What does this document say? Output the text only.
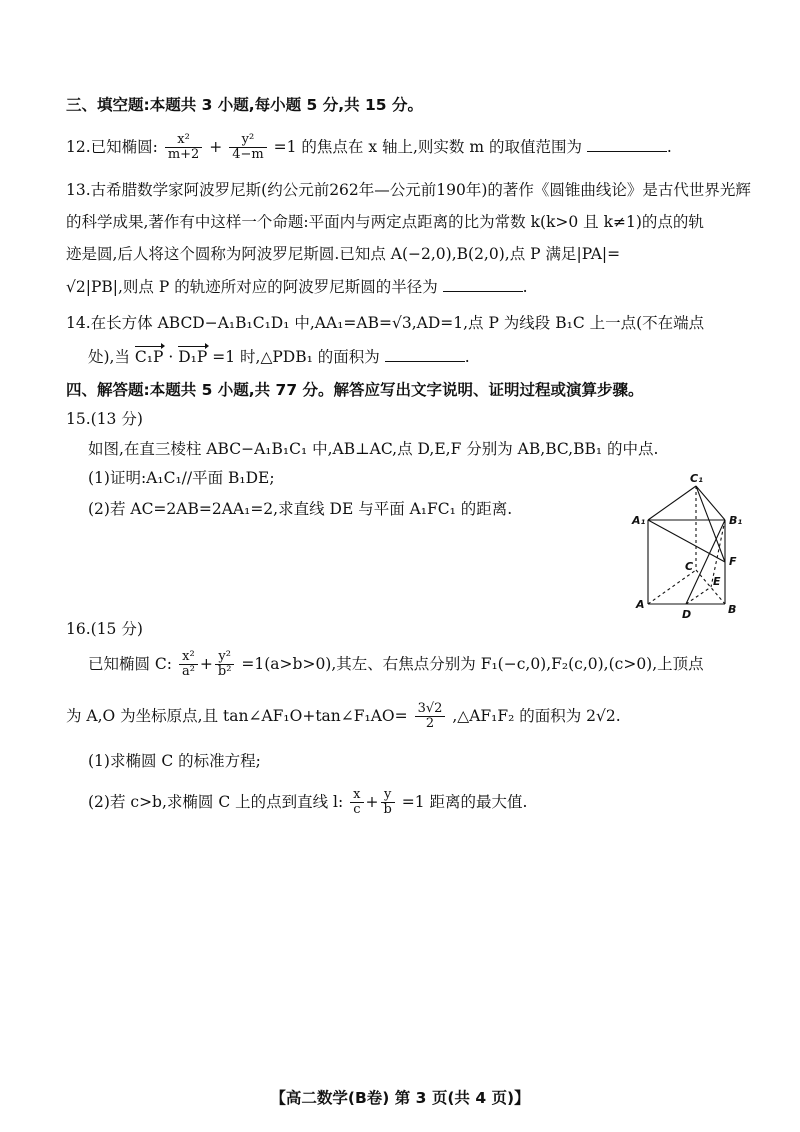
三、填空题:本题共 3 小题,每小题 5 分,共 15 分。
12.已知椭圆: $\frac{\text{x²}}{m+2} + \frac{\text{y²}}{4-m} =1$ 的焦点在 x 轴上,则实数 m 的取值范围为	.
13.古希腊数学家阿波罗尼斯(约公元前262年—公元前190年)的著作《圆锥曲线论》是古代世界光辉
的科学成果,著作有中这样一个命题:平面内与两定点距离的比为常数 k(k>0 且 k≠1)的点的轨
迹是圆,后人将这个圆称为阿波罗尼斯圆.已知点 A(−2,0),B(2,0),点 P 满足|PA|=
√2|PB|,则点 P 的轨迹所对应的阿波罗尼斯圆的半径为	.
14.在长方体 ABCD−A₁B₁C₁D₁ 中,AA₁=AB=√3,AD=1,点 P 为线段 B₁C 上一点(不在端点
处),当 C₁P · D₁P =1 时,△PDB₁ 的面积为	.
四、解答题:本题共 5 小题,共 77 分。解答应写出文字说明、证明过程或演算步骤。
15.(13 分)
如图,在直三棱柱 ABC−A₁B₁C₁ 中,AB⊥AC,点 D,E,F 分别为 AB,BC,BB₁ 的中点.
(1)证明:A₁C₁//平面 B₁DE;
(2)若 AC=2AB=2AA₁=2,求直线 DE 与平面 A₁FC₁ 的距离.
C₁
A₁	B₁
C	F
E
A
D	B
16.(15 分)
已知椭圆 C: $\frac{\text{x²}}{\text{a²}} + \frac{\text{y²}}{\text{b²}} =1(a>b>0)$,其左、右焦点分别为 F₁(−c,0),F₂(c,0),(c>0),上顶点
为 A,O 为坐标原点,且 tan∠AF₁O+tan∠F₁AO= $\frac{3√2}{2}$ ,△AF₁F₂ 的面积为 2√2.
(1)求椭圆 C 的标准方程;
(2)若 c>b,求椭圆 C 上的点到直线 l: $\frac{x}{c} + \frac{y}{b} =1$ 距离的最大值.
【高二数学(B卷) 第 3 页(共 4 页)】
